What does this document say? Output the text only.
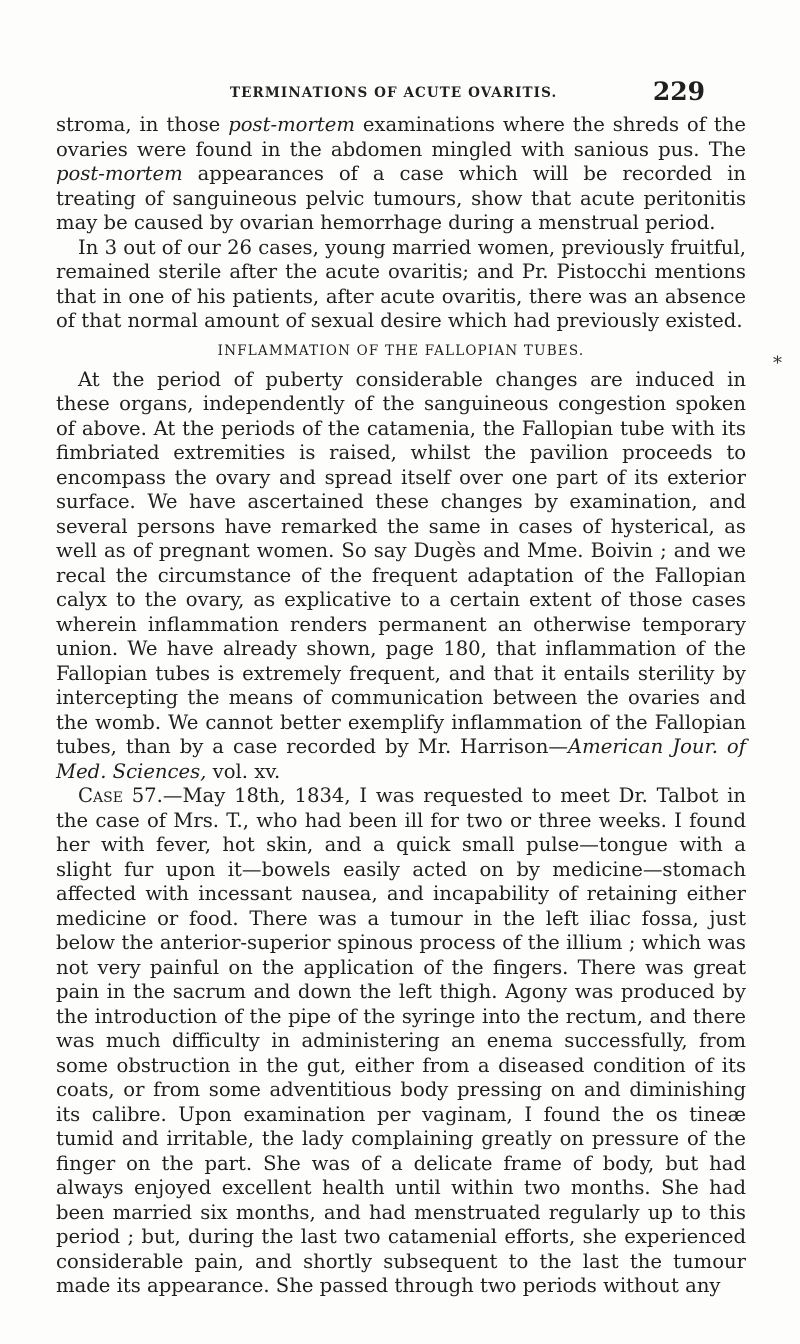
TERMINATIONS OF ACUTE OVARITIS.	229
*

stroma, in those post-mortem examinations where the shreds of the ovaries were found in the abdomen mingled with sanious pus. The post-mortem appearances of a case which will be recorded in treating of sanguineous pelvic tumours, show that acute peritonitis may be caused by ovarian hemorrhage during a menstrual period.

In 3 out of our 26 cases, young married women, previously fruitful, remained sterile after the acute ovaritis; and Pr. Pistocchi mentions that in one of his patients, after acute ovaritis, there was an absence of that normal amount of sexual desire which had previously existed.

INFLAMMATION OF THE FALLOPIAN TUBES.

At the period of puberty considerable changes are induced in these organs, independently of the sanguineous congestion spoken of above. At the periods of the catamenia, the Fallopian tube with its fimbriated extremities is raised, whilst the pavilion proceeds to encompass the ovary and spread itself over one part of its exterior surface. We have ascertained these changes by examination, and several persons have remarked the same in cases of hysterical, as well as of pregnant women. So say Dugès and Mme. Boivin ; and we recal the circumstance of the frequent adaptation of the Fallopian calyx to the ovary, as explicative to a certain extent of those cases wherein inflammation renders permanent an otherwise temporary union. We have already shown, page 180, that inflammation of the Fallopian tubes is extremely frequent, and that it entails sterility by intercepting the means of communication between the ovaries and the womb. We cannot better exemplify inflammation of the Fallopian tubes, than by a case recorded by Mr. Harrison—American Jour. of Med. Sciences, vol. xv.

Case 57.—May 18th, 1834, I was requested to meet Dr. Talbot in the case of Mrs. T., who had been ill for two or three weeks. I found her with fever, hot skin, and a quick small pulse—tongue with a slight fur upon it—bowels easily acted on by medicine—stomach affected with incessant nausea, and incapability of retaining either medicine or food. There was a tumour in the left iliac fossa, just below the anterior-superior spinous process of the illium ; which was not very painful on the application of the fingers. There was great pain in the sacrum and down the left thigh. Agony was produced by the introduction of the pipe of the syringe into the rectum, and there was much difficulty in administering an enema successfully, from some obstruction in the gut, either from a diseased condition of its coats, or from some adventitious body pressing on and diminishing its calibre. Upon examination per vaginam, I found the os tineæ tumid and irritable, the lady complaining greatly on pressure of the finger on the part. She was of a delicate frame of body, but had always enjoyed excellent health until within two months. She had been married six months, and had menstruated regularly up to this period ; but, during the last two catamenial efforts, she experienced considerable pain, and shortly subsequent to the last the tumour made its appearance. She passed through two periods without any
